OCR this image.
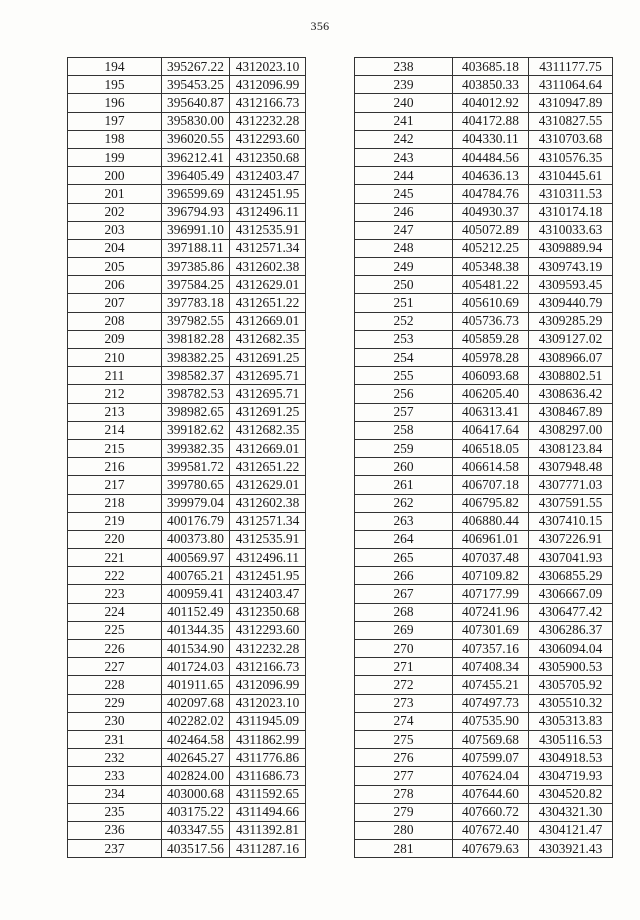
356
194	395267.22	4312023.10
195	395453.25	4312096.99
196	395640.87	4312166.73
197	395830.00	4312232.28
198	396020.55	4312293.60
199	396212.41	4312350.68
200	396405.49	4312403.47
201	396599.69	4312451.95
202	396794.93	4312496.11
203	396991.10	4312535.91
204	397188.11	4312571.34
205	397385.86	4312602.38
206	397584.25	4312629.01
207	397783.18	4312651.22
208	397982.55	4312669.01
209	398182.28	4312682.35
210	398382.25	4312691.25
211	398582.37	4312695.71
212	398782.53	4312695.71
213	398982.65	4312691.25
214	399182.62	4312682.35
215	399382.35	4312669.01
216	399581.72	4312651.22
217	399780.65	4312629.01
218	399979.04	4312602.38
219	400176.79	4312571.34
220	400373.80	4312535.91
221	400569.97	4312496.11
222	400765.21	4312451.95
223	400959.41	4312403.47
224	401152.49	4312350.68
225	401344.35	4312293.60
226	401534.90	4312232.28
227	401724.03	4312166.73
228	401911.65	4312096.99
229	402097.68	4312023.10
230	402282.02	4311945.09
231	402464.58	4311862.99
232	402645.27	4311776.86
233	402824.00	4311686.73
234	403000.68	4311592.65
235	403175.22	4311494.66
236	403347.55	4311392.81
237	403517.56	4311287.16
238	403685.18	4311177.75
239	403850.33	4311064.64
240	404012.92	4310947.89
241	404172.88	4310827.55
242	404330.11	4310703.68
243	404484.56	4310576.35
244	404636.13	4310445.61
245	404784.76	4310311.53
246	404930.37	4310174.18
247	405072.89	4310033.63
248	405212.25	4309889.94
249	405348.38	4309743.19
250	405481.22	4309593.45
251	405610.69	4309440.79
252	405736.73	4309285.29
253	405859.28	4309127.02
254	405978.28	4308966.07
255	406093.68	4308802.51
256	406205.40	4308636.42
257	406313.41	4308467.89
258	406417.64	4308297.00
259	406518.05	4308123.84
260	406614.58	4307948.48
261	406707.18	4307771.03
262	406795.82	4307591.55
263	406880.44	4307410.15
264	406961.01	4307226.91
265	407037.48	4307041.93
266	407109.82	4306855.29
267	407177.99	4306667.09
268	407241.96	4306477.42
269	407301.69	4306286.37
270	407357.16	4306094.04
271	407408.34	4305900.53
272	407455.21	4305705.92
273	407497.73	4305510.32
274	407535.90	4305313.83
275	407569.68	4305116.53
276	407599.07	4304918.53
277	407624.04	4304719.93
278	407644.60	4304520.82
279	407660.72	4304321.30
280	407672.40	4304121.47
281	407679.63	4303921.43
